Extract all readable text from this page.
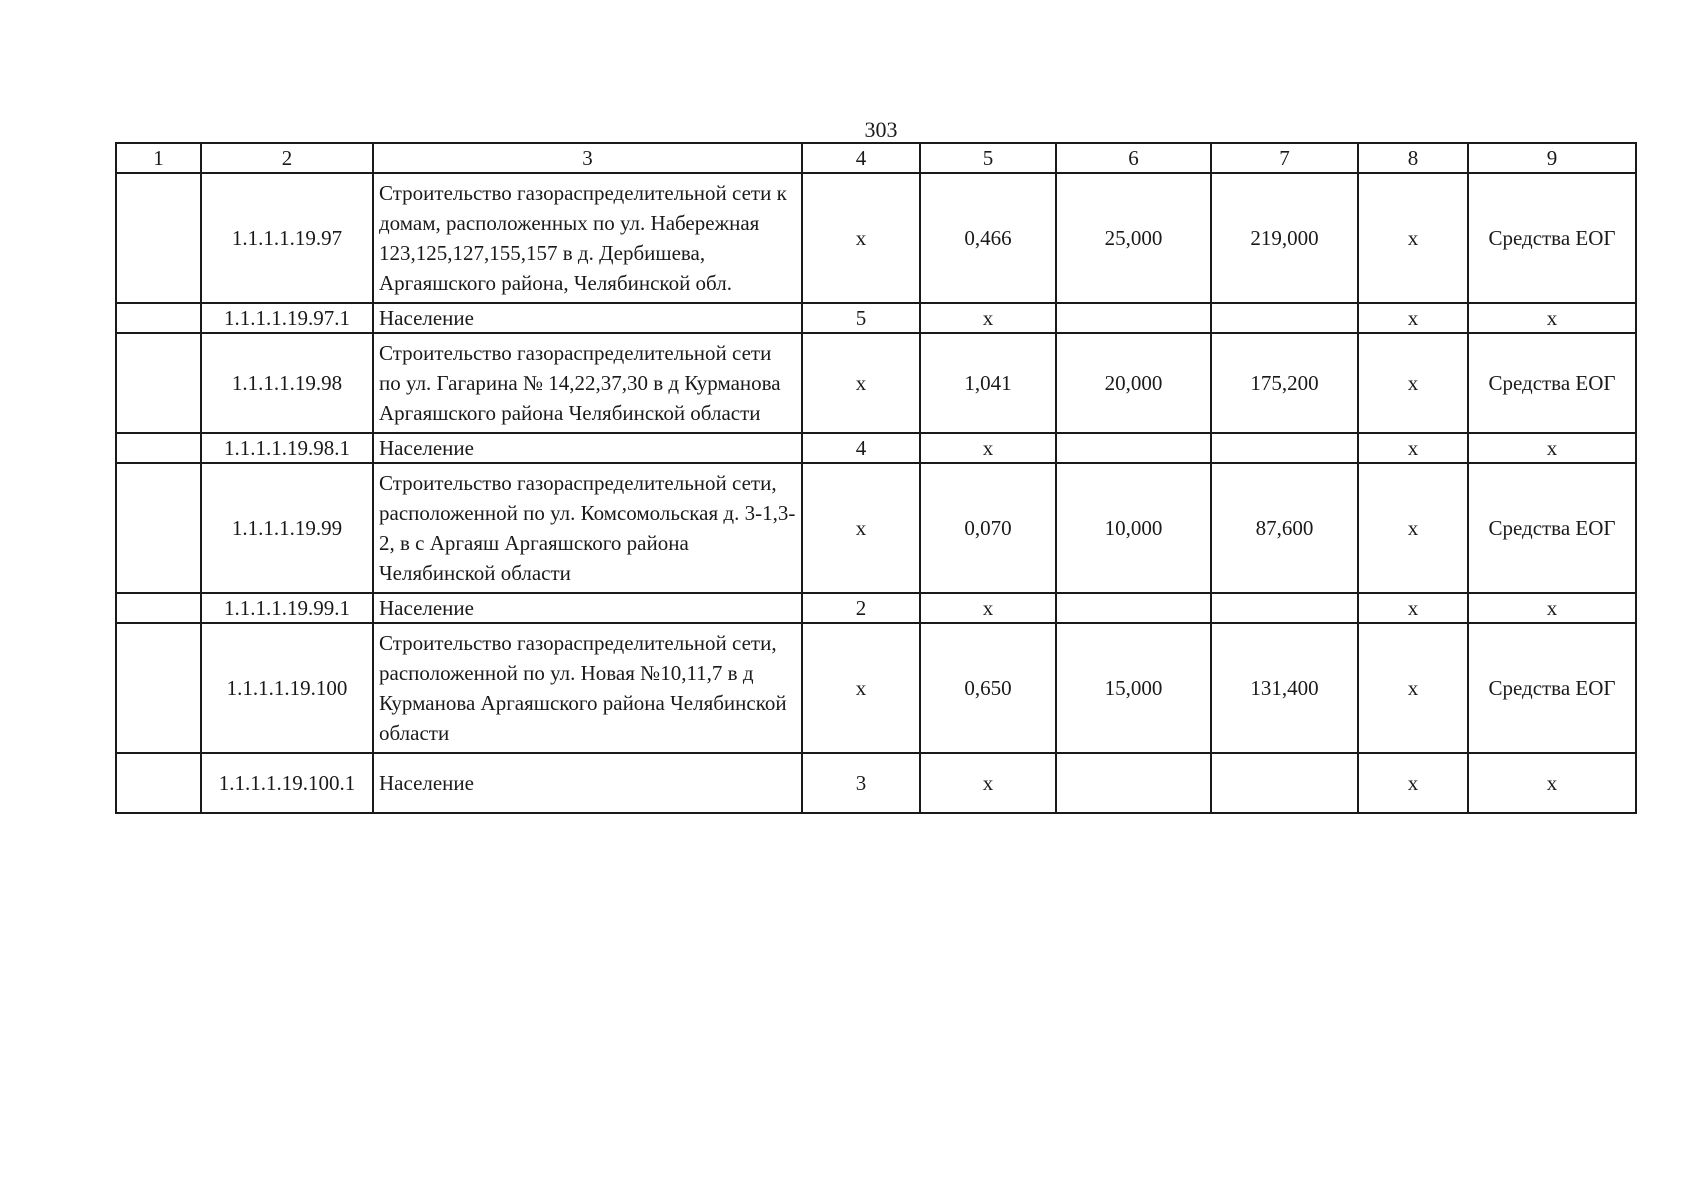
303
1	2	3	4	5	6	7	8	9
	1.1.1.1.19.97	Строительство газораспределительной сети к домам, расположенных по ул. Набережная 123,125,127,155,157 в д. Дербишева, Аргаяшского района, Челябинской обл.	х	0,466	25,000	219,000	х	Средства ЕОГ
	1.1.1.1.19.97.1	Население	5	х			х	х
	1.1.1.1.19.98	Строительство газораспределительной сети по ул. Гагарина № 14,22,37,30 в д Курманова Аргаяшского района Челябинской области	х	1,041	20,000	175,200	х	Средства ЕОГ
	1.1.1.1.19.98.1	Население	4	х			х	х
	1.1.1.1.19.99	Строительство газораспределительной сети, расположенной по ул. Комсомольская д. 3-1,3-2, в с Аргаяш Аргаяшского района Челябинской области	х	0,070	10,000	87,600	х	Средства ЕОГ
	1.1.1.1.19.99.1	Население	2	х			х	х
	1.1.1.1.19.100	Строительство газораспределительной сети, расположенной по ул. Новая №10,11,7 в д Курманова Аргаяшского района Челябинской области	х	0,650	15,000	131,400	х	Средства ЕОГ
	1.1.1.1.19.100.1	Население	3	х			х	х
